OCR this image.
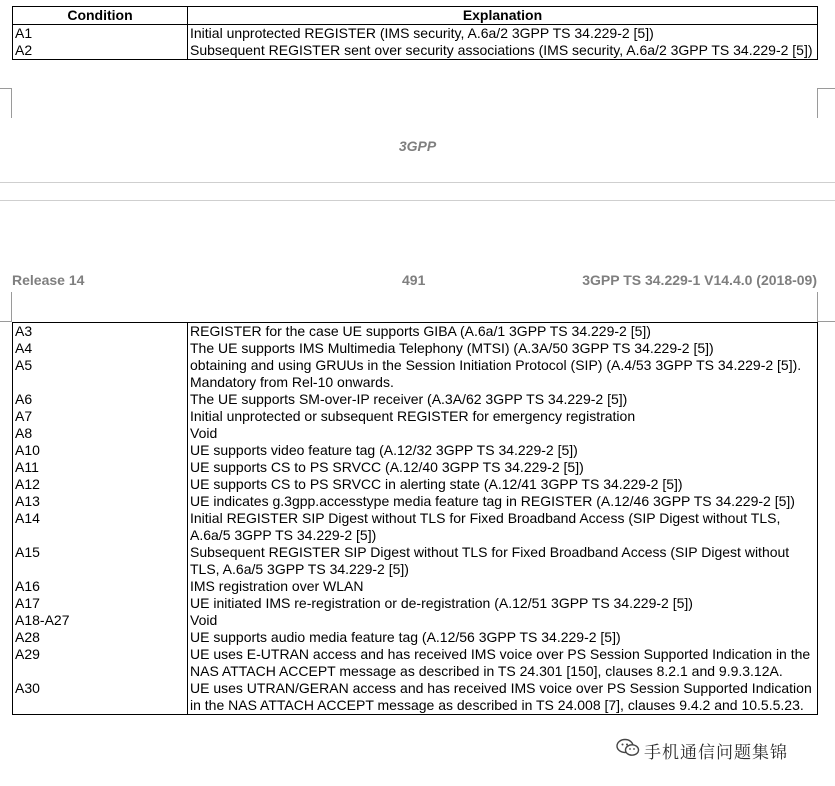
Condition	Explanation
A1	Initial unprotected REGISTER (IMS security, A.6a/2 3GPP TS 34.229-2 [5])
A2	Subsequent REGISTER sent over security associations (IMS security, A.6a/2 3GPP TS 34.229-2 [5])
3GPP
Release 14	491	3GPP TS 34.229-1 V14.4.0 (2018-09)
A3	REGISTER for the case UE supports GIBA (A.6a/1 3GPP TS 34.229-2 [5])
A4	The UE supports IMS Multimedia Telephony (MTSI) (A.3A/50 3GPP TS 34.229-2 [5])
A5	obtaining and using GRUUs in the Session Initiation Protocol (SIP) (A.4/53 3GPP TS 34.229-2 [5]). Mandatory from Rel-10 onwards.
A6	The UE supports SM-over-IP receiver (A.3A/62 3GPP TS 34.229-2 [5])
A7	Initial unprotected or subsequent REGISTER for emergency registration
A8	Void
A10	UE supports video feature tag (A.12/32 3GPP TS 34.229-2 [5])
A11	UE supports CS to PS SRVCC (A.12/40 3GPP TS 34.229-2 [5])
A12	UE supports CS to PS SRVCC in alerting state (A.12/41 3GPP TS 34.229-2 [5])
A13	UE indicates g.3gpp.accesstype media feature tag in REGISTER (A.12/46 3GPP TS 34.229-2 [5])
A14	Initial REGISTER SIP Digest without TLS for Fixed Broadband Access (SIP Digest without TLS, A.6a/5 3GPP TS 34.229-2 [5])
A15	Subsequent REGISTER SIP Digest without TLS for Fixed Broadband Access (SIP Digest without TLS, A.6a/5 3GPP TS 34.229-2 [5])
A16	IMS registration over WLAN
A17	UE initiated IMS re-registration or de-registration (A.12/51 3GPP TS 34.229-2 [5])
A18-A27	Void
A28	UE supports audio media feature tag (A.12/56 3GPP TS 34.229-2 [5])
A29	UE uses E-UTRAN access and has received IMS voice over PS Session Supported Indication in the NAS ATTACH ACCEPT message as described in TS 24.301 [150], clauses 8.2.1 and 9.9.3.12A.
A30	UE uses UTRAN/GERAN access and has received IMS voice over PS Session Supported Indication in the NAS ATTACH ACCEPT message as described in TS 24.008 [7], clauses 9.4.2 and 10.5.5.23.
手机通信问题集锦
